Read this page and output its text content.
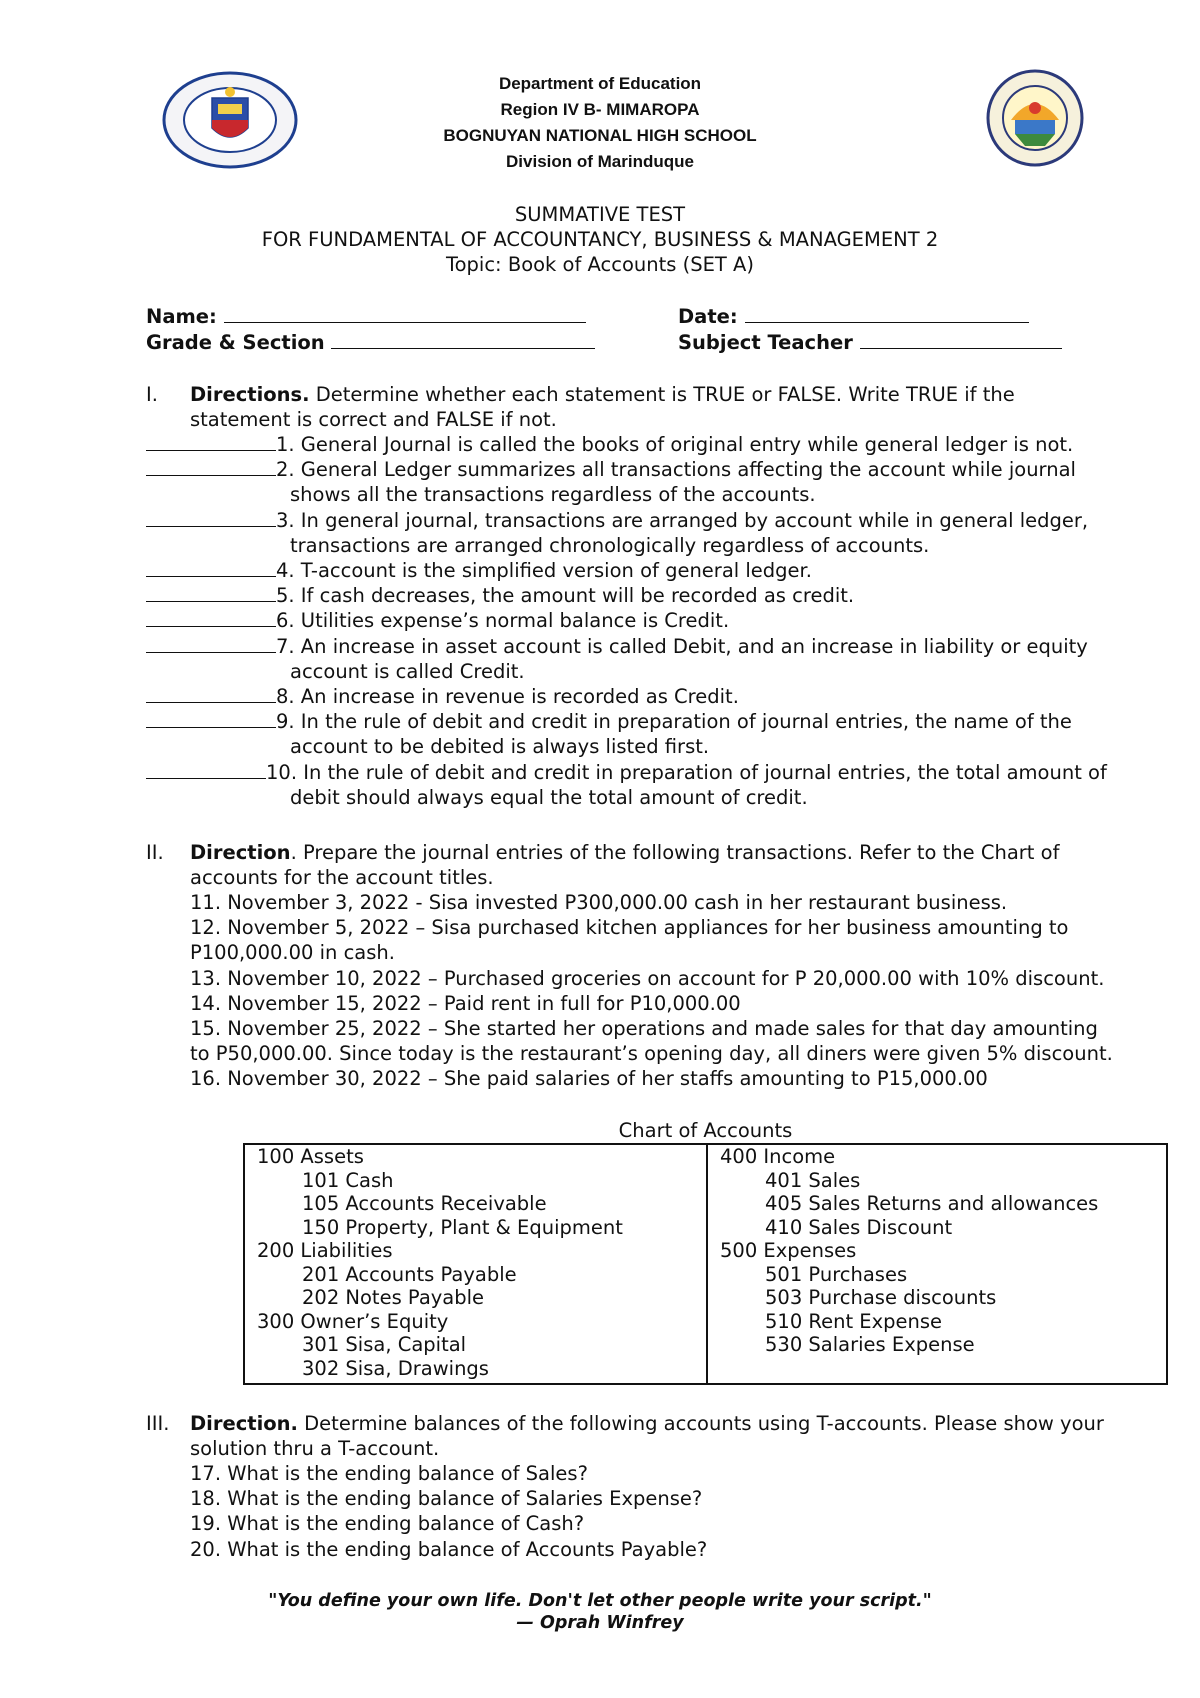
Department of Education
Region IV B- MIMAROPA
BOGNUYAN NATIONAL HIGH SCHOOL
Division of Marinduque
SUMMATIVE TEST
FOR FUNDAMENTAL OF ACCOUNTANCY, BUSINESS & MANAGEMENT 2
Topic: Book of Accounts (SET A)
Name:	Date:
Grade & Section	Subject Teacher
I. Directions. Determine whether each statement is TRUE or FALSE. Write TRUE if the
statement is correct and FALSE if not.
1. General Journal is called the books of original entry while general ledger is not.
2. General Ledger summarizes all transactions affecting the account while journal
shows all the transactions regardless of the accounts.
3. In general journal, transactions are arranged by account while in general ledger,
transactions are arranged chronologically regardless of accounts.
4. T-account is the simplified version of general ledger.
5. If cash decreases, the amount will be recorded as credit.
6. Utilities expense’s normal balance is Credit.
7. An increase in asset account is called Debit, and an increase in liability or equity
account is called Credit.
8. An increase in revenue is recorded as Credit.
9. In the rule of debit and credit in preparation of journal entries, the name of the
account to be debited is always listed first.
10. In the rule of debit and credit in preparation of journal entries, the total amount of
debit should always equal the total amount of credit.
II. Direction. Prepare the journal entries of the following transactions. Refer to the Chart of
accounts for the account titles.
11. November 3, 2022 - Sisa invested P300,000.00 cash in her restaurant business.
12. November 5, 2022 – Sisa purchased kitchen appliances for her business amounting to
P100,000.00 in cash.
13. November 10, 2022 – Purchased groceries on account for P 20,000.00 with 10% discount.
14. November 15, 2022 – Paid rent in full for P10,000.00
15. November 25, 2022 – She started her operations and made sales for that day amounting
to P50,000.00. Since today is the restaurant’s opening day, all diners were given 5% discount.
16. November 30, 2022 – She paid salaries of her staffs amounting to P15,000.00
Chart of Accounts
100 Assets
101 Cash
105 Accounts Receivable
150 Property, Plant & Equipment
200 Liabilities
201 Accounts Payable
202 Notes Payable
300 Owner’s Equity
301 Sisa, Capital
302 Sisa, Drawings
400 Income
401 Sales
405 Sales Returns and allowances
410 Sales Discount
500 Expenses
501 Purchases
503 Purchase discounts
510 Rent Expense
530 Salaries Expense
III. Direction. Determine balances of the following accounts using T-accounts. Please show your
solution thru a T-account.
17. What is the ending balance of Sales?
18. What is the ending balance of Salaries Expense?
19. What is the ending balance of Cash?
20. What is the ending balance of Accounts Payable?
"You define your own life. Don't let other people write your script."
— Oprah Winfrey
